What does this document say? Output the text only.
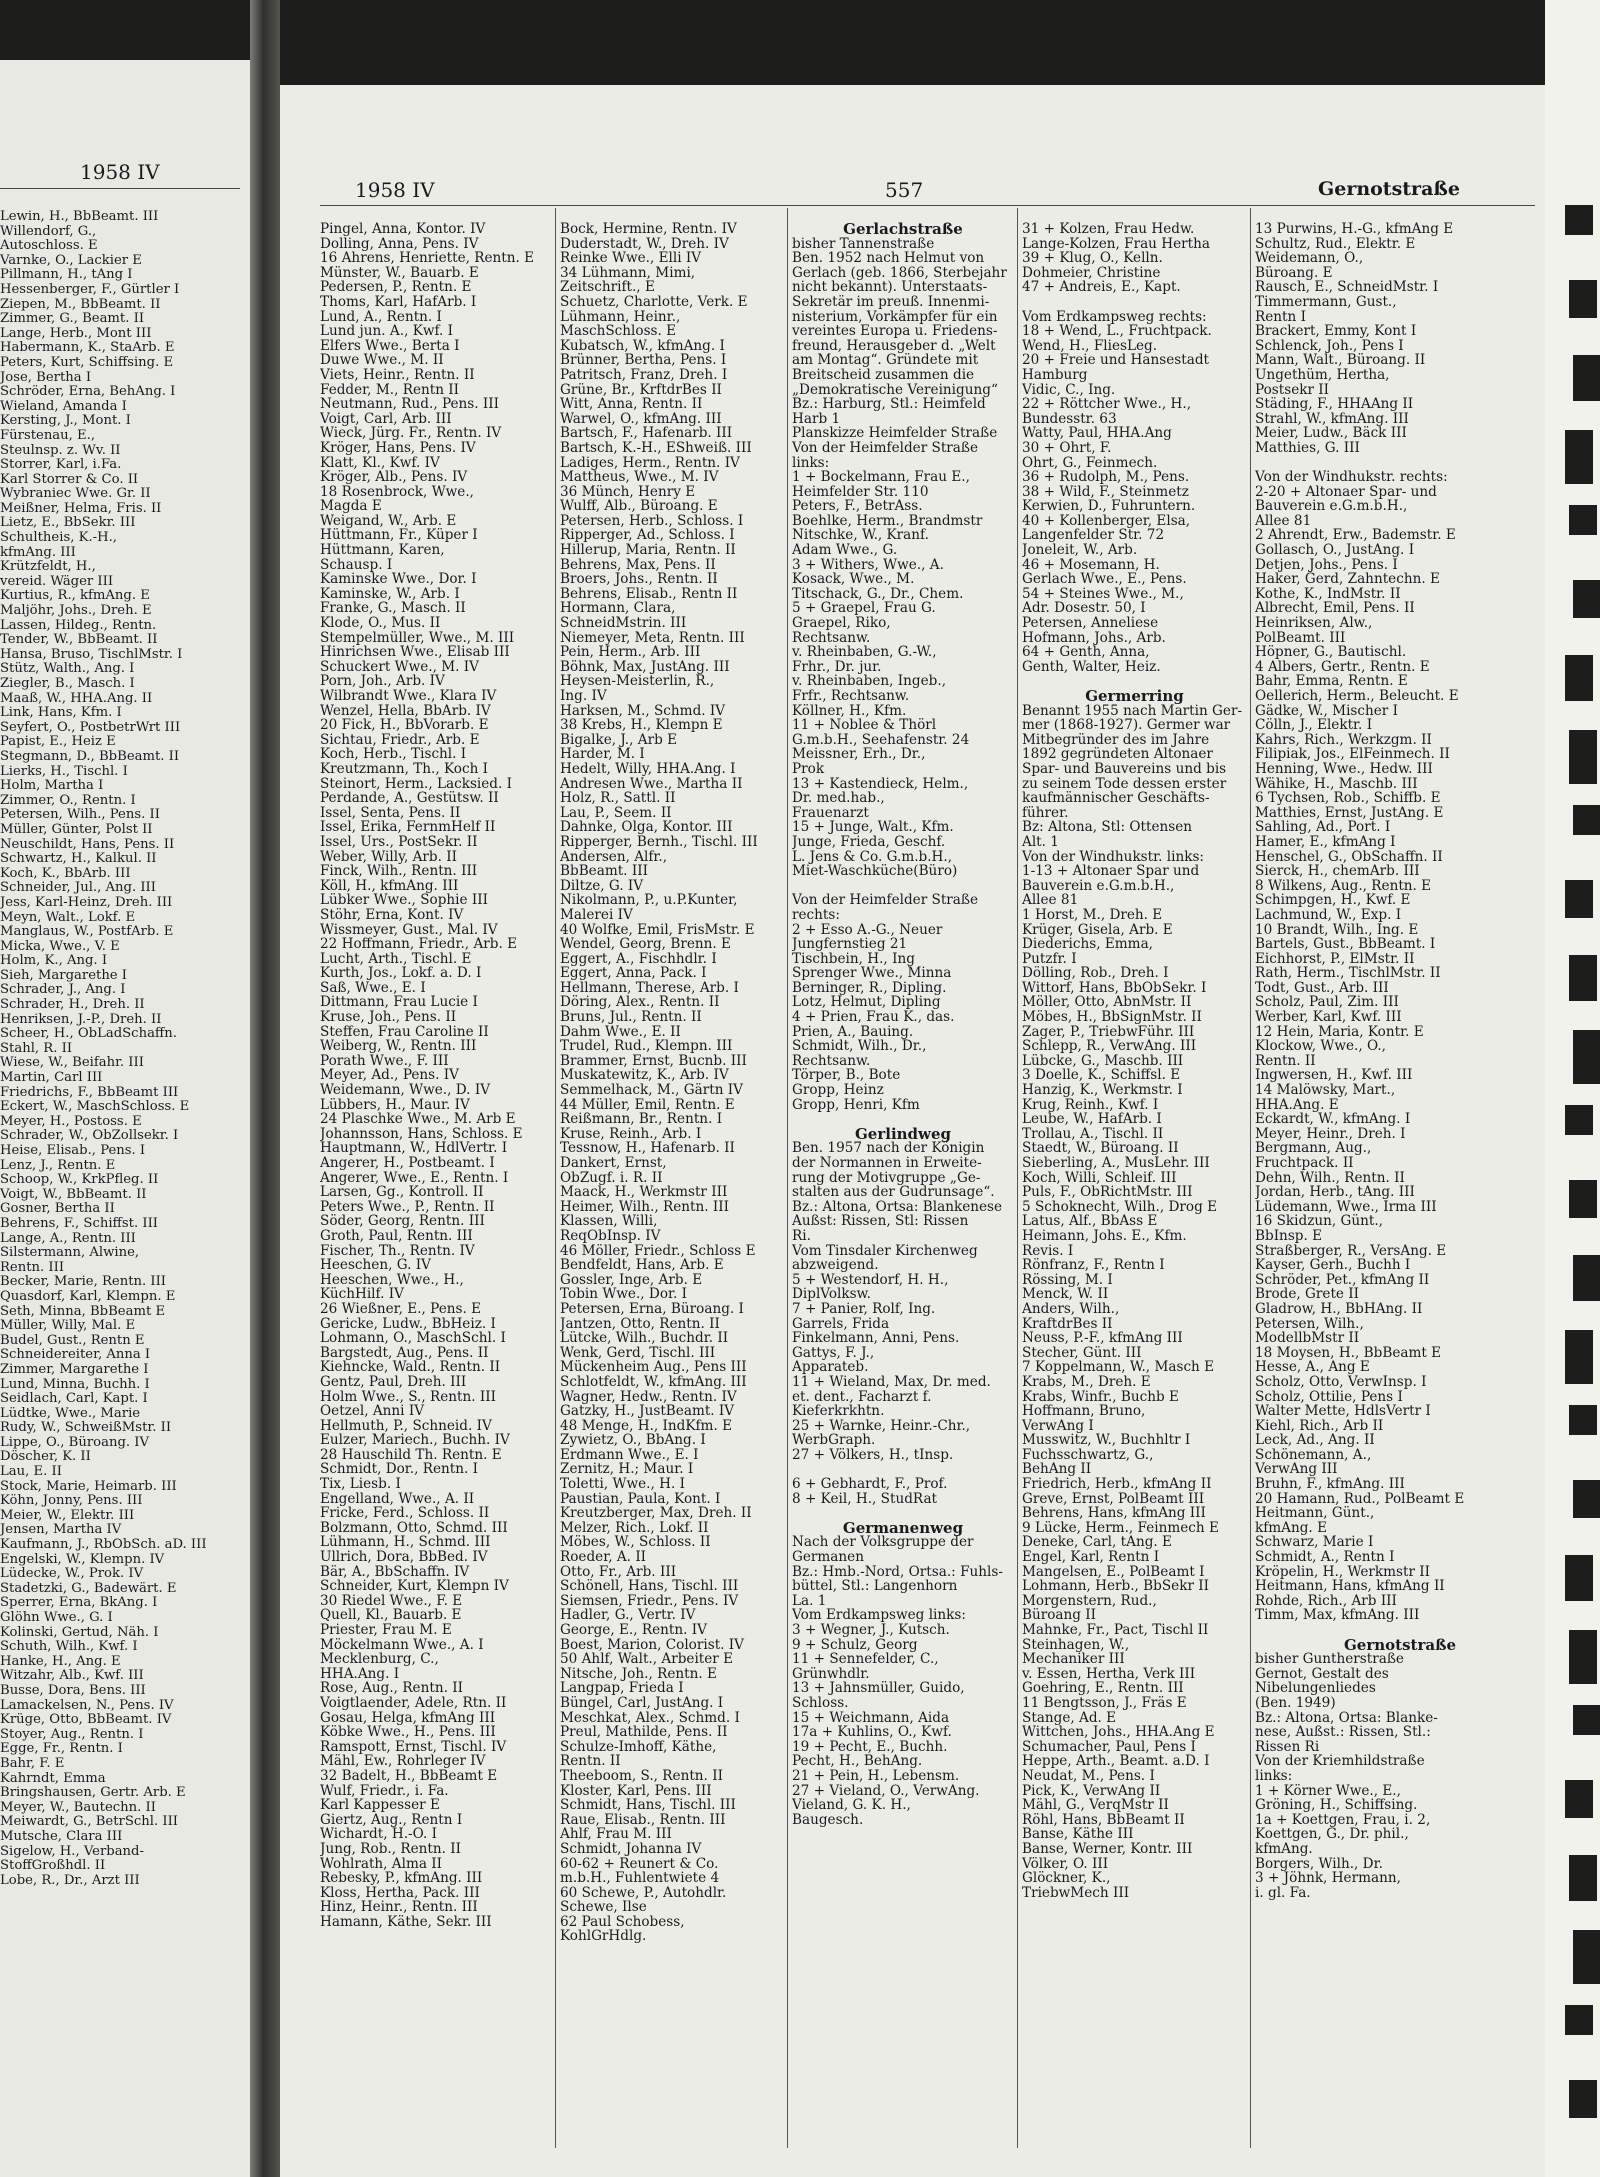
1958 IV
Lewin, H., BbBeamt. III
Willendorf, G.,
Autoschloss. E
Varnke, O., Lackier E
Pillmann, H., tAng I
Hessenberger, F., Gürtler I
Ziepen, M., BbBeamt. II
Zimmer, G., Beamt. II
Lange, Herb., Mont III
Habermann, K., StaArb. E
Peters, Kurt, Schiffsing. E
Jose, Bertha I
Schröder, Erna, BehAng. I
Wieland, Amanda I
Kersting, J., Mont. I
Fürstenau, E.,
Steulnsp. z. Wv. II
Storrer, Karl, i.Fa.
Karl Storrer & Co. II
Wybraniec Wwe. Gr. II
Meißner, Helma, Fris. II
Lietz, E., BbSekr. III
Schultheis, K.-H.,
kfmAng. III
Krützfeldt, H.,
vereid. Wäger III
Kurtius, R., kfmAng. E
Maljöhr, Johs., Dreh. E
Lassen, Hildeg., Rentn.
Tender, W., BbBeamt. II
Hansa, Bruso, TischlMstr. I
Stütz, Walth., Ang. I
Ziegler, B., Masch. I
Maaß, W., HHA.Ang. II
Link, Hans, Kfm. I
Seyfert, O., PostbetrWrt III
Papist, E., Heiz E
Stegmann, D., BbBeamt. II
Lierks, H., Tischl. I
Holm, Martha I
Zimmer, O., Rentn. I
Petersen, Wilh., Pens. II
Müller, Günter, Polst II
Neuschildt, Hans, Pens. II
Schwartz, H., Kalkul. II
Koch, K., BbArb. III
Schneider, Jul., Ang. III
Jess, Karl-Heinz, Dreh. III
Meyn, Walt., Lokf. E
Manglaus, W., PostfArb. E
Micka, Wwe., V. E
Holm, K., Ang. I
Sieh, Margarethe I
Schrader, J., Ang. I
Schrader, H., Dreh. II
Henriksen, J.-P., Dreh. II
Scheer, H., ObLadSchaffn.
Stahl, R. II
Wiese, W., Beifahr. III
Martin, Carl III
Friedrichs, F., BbBeamt III
Eckert, W., MaschSchloss. E
Meyer, H., Postoss. E
Schrader, W., ObZollsekr. I
Heise, Elisab., Pens. I
Lenz, J., Rentn. E
Schoop, W., KrkPfleg. II
Voigt, W., BbBeamt. II
Gosner, Bertha II
Behrens, F., Schiffst. III
Lange, A., Rentn. III
Silstermann, Alwine,
Rentn. III
Becker, Marie, Rentn. III
Quasdorf, Karl, Klempn. E
Seth, Minna, BbBeamt E
Müller, Willy, Mal. E
Budel, Gust., Rentn E
Schneidereiter, Anna I
Zimmer, Margarethe I
Lund, Minna, Buchh. I
Seidlach, Carl, Kapt. I
Lüdtke, Wwe., Marie
Rudy, W., SchweißMstr. II
Lippe, O., Büroang. IV
Döscher, K. II
Lau, E. II
Stock, Marie, Heimarb. III
Köhn, Jonny, Pens. III
Meier, W., Elektr. III
Jensen, Martha IV
Kaufmann, J., RbObSch. aD. III
Engelski, W., Klempn. IV
Lüdecke, W., Prok. IV
Stadetzki, G., Badewärt. E
Sperrer, Erna, BkAng. I
Glöhn Wwe., G. I
Kolinski, Gertud, Näh. I
Schuth, Wilh., Kwf. I
Hanke, H., Ang. E
Witzahr, Alb., Kwf. III
Busse, Dora, Bens. III
Lamackelsen, N., Pens. IV
Krüge, Otto, BbBeamt. IV
Stoyer, Aug., Rentn. I
Egge, Fr., Rentn. I
Bahr, F. E
Kahrndt, Emma
Bringshausen, Gertr. Arb. E
Meyer, W., Bautechn. II
Meiwardt, G., BetrSchl. III
Mutsche, Clara III
Sigelow, H., Verband-
StoffGroßhdl. II
Lobe, R., Dr., Arzt III
1958 IV	557	Gernotstraße
Pingel, Anna, Kontor. IV
Dolling, Anna, Pens. IV
16 Ahrens, Henriette, Rentn. E
Münster, W., Bauarb. E
Pedersen, P., Rentn. E
Thoms, Karl, HafArb. I
Lund, A., Rentn. I
Lund jun. A., Kwf. I
Elfers Wwe., Berta I
Duwe Wwe., M. II
Viets, Heinr., Rentn. II
Fedder, M., Rentn II
Neutmann, Rud., Pens. III
Voigt, Carl, Arb. III
Wieck, Jürg. Fr., Rentn. IV
Kröger, Hans, Pens. IV
Klatt, Kl., Kwf. IV
Kröger, Alb., Pens. IV
18 Rosenbrock, Wwe.,
Magda E
Weigand, W., Arb. E
Hüttmann, Fr., Küper I
Hüttmann, Karen,
Schausp. I
Kaminske Wwe., Dor. I
Kaminske, W., Arb. I
Franke, G., Masch. II
Klode, O., Mus. II
Stempelmüller, Wwe., M. III
Hinrichsen Wwe., Elisab III
Schuckert Wwe., M. IV
Porn, Joh., Arb. IV
Wilbrandt Wwe., Klara IV
Wenzel, Hella, BbArb. IV
20 Fick, H., BbVorarb. E
Sichtau, Friedr., Arb. E
Koch, Herb., Tischl. I
Kreutzmann, Th., Koch I
Steinort, Herm., Lacksied. I
Perdande, A., Gestütsw. II
Issel, Senta, Pens. II
Issel, Erika, FernmHelf II
Issel, Urs., PostSekr. II
Weber, Willy, Arb. II
Finck, Wilh., Rentn. III
Köll, H., kfmAng. III
Lübker Wwe., Sophie III
Stöhr, Erna, Kont. IV
Wissmeyer, Gust., Mal. IV
22 Hoffmann, Friedr., Arb. E
Lucht, Arth., Tischl. E
Kurth, Jos., Lokf. a. D. I
Saß, Wwe., E. I
Dittmann, Frau Lucie I
Kruse, Joh., Pens. II
Steffen, Frau Caroline II
Weiberg, W., Rentn. III
Porath Wwe., F. III
Meyer, Ad., Pens. IV
Weidemann, Wwe., D. IV
Lübbers, H., Maur. IV
24 Plaschke Wwe., M. Arb E
Johannsson, Hans, Schloss. E
Hauptmann, W., HdlVertr. I
Angerer, H., Postbeamt. I
Angerer, Wwe., E., Rentn. I
Larsen, Gg., Kontroll. II
Peters Wwe., P., Rentn. II
Söder, Georg, Rentn. III
Groth, Paul, Rentn. III
Fischer, Th., Rentn. IV
Heeschen, G. IV
Heeschen, Wwe., H.,
KüchHilf. IV
26 Wießner, E., Pens. E
Gericke, Ludw., BbHeiz. I
Lohmann, O., MaschSchl. I
Bargstedt, Aug., Pens. II
Kiehncke, Wald., Rentn. II
Gentz, Paul, Dreh. III
Holm Wwe., S., Rentn. III
Oetzel, Anni IV
Hellmuth, P., Schneid. IV
Eulzer, Mariech., Buchh. IV
28 Hauschild Th. Rentn. E
Schmidt, Dor., Rentn. I
Tix, Liesb. I
Engelland, Wwe., A. II
Fricke, Ferd., Schloss. II
Bolzmann, Otto, Schmd. III
Lühmann, H., Schmd. III
Ullrich, Dora, BbBed. IV
Bär, A., BbSchaffn. IV
Schneider, Kurt, Klempn IV
30 Riedel Wwe., F. E
Quell, Kl., Bauarb. E
Priester, Frau M. E
Möckelmann Wwe., A. I
Mecklenburg, C.,
HHA.Ang. I
Rose, Aug., Rentn. II
Voigtlaender, Adele, Rtn. II
Gosau, Helga, kfmAng III
Köbke Wwe., H., Pens. III
Ramspott, Ernst, Tischl. IV
Mähl, Ew., Rohrleger IV
32 Badelt, H., BbBeamt E
Wulf, Friedr., i. Fa.
Karl Kappesser E
Giertz, Aug., Rentn I
Wichardt, H.-O. I
Jung, Rob., Rentn. II
Wohlrath, Alma II
Rebesky, P., kfmAng. III
Kloss, Hertha, Pack. III
Hinz, Heinr., Rentn. III
Hamann, Käthe, Sekr. III
Bock, Hermine, Rentn. IV
Duderstadt, W., Dreh. IV
Reinke Wwe., Elli IV
34 Lühmann, Mimi,
Zeitschrift., E
Schuetz, Charlotte, Verk. E
Lühmann, Heinr.,
MaschSchloss. E
Kubatsch, W., kfmAng. I
Brünner, Bertha, Pens. I
Patritsch, Franz, Dreh. I
Grüne, Br., KrftdrBes II
Witt, Anna, Rentn. II
Warwel, O., kfmAng. III
Bartsch, F., Hafenarb. III
Bartsch, K.-H., EShweiß. III
Ladiges, Herm., Rentn. IV
Mattheus, Wwe., M. IV
36 Münch, Henry E
Wulff, Alb., Büroang. E
Petersen, Herb., Schloss. I
Ripperger, Ad., Schloss. I
Hillerup, Maria, Rentn. II
Behrens, Max, Pens. II
Broers, Johs., Rentn. II
Behrens, Elisab., Rentn II
Hormann, Clara,
SchneidMstrin. III
Niemeyer, Meta, Rentn. III
Pein, Herm., Arb. III
Böhnk, Max, JustAng. III
Heysen-Meisterlin, R.,
Ing. IV
Harksen, M., Schmd. IV
38 Krebs, H., Klempn E
Bigalke, J., Arb E
Harder, M. I
Hedelt, Willy, HHA.Ang. I
Andresen Wwe., Martha II
Holz, R., Sattl. II
Lau, P., Seem. II
Dahnke, Olga, Kontor. III
Ripperger, Bernh., Tischl. III
Andersen, Alfr.,
BbBeamt. III
Diltze, G. IV
Nikolmann, P., u.P.Kunter,
Malerei IV
40 Wolfke, Emil, FrisMstr. E
Wendel, Georg, Brenn. E
Eggert, A., Fischhdlr. I
Eggert, Anna, Pack. I
Hellmann, Therese, Arb. I
Döring, Alex., Rentn. II
Bruns, Jul., Rentn. II
Dahm Wwe., E. II
Trudel, Rud., Klempn. III
Brammer, Ernst, Bucnb. III
Muskatewitz, K., Arb. IV
Semmelhack, M., Gärtn IV
44 Müller, Emil, Rentn. E
Reißmann, Br., Rentn. I
Kruse, Reinh., Arb. I
Tessnow, H., Hafenarb. II
Dankert, Ernst,
ObZugf. i. R. II
Maack, H., Werkmstr III
Heimer, Wilh., Rentn. III
Klassen, Willi,
ReqObInsp. IV
46 Möller, Friedr., Schloss E
Bendfeldt, Hans, Arb. E
Gossler, Inge, Arb. E
Tobin Wwe., Dor. I
Petersen, Erna, Büroang. I
Jantzen, Otto, Rentn. II
Lütcke, Wilh., Buchdr. II
Wenk, Gerd, Tischl. III
Mückenheim Aug., Pens III
Schlotfeldt, W., kfmAng. III
Wagner, Hedw., Rentn. IV
Gatzky, H., JustBeamt. IV
48 Menge, H., IndKfm. E
Zywietz, O., BbAng. I
Erdmann Wwe., E. I
Zernitz, H.; Maur. I
Toletti, Wwe., H. I
Paustian, Paula, Kont. I
Kreutzberger, Max, Dreh. II
Melzer, Rich., Lokf. II
Möbes, W., Schloss. II
Roeder, A. II
Otto, Fr., Arb. III
Schönell, Hans, Tischl. III
Siemsen, Friedr., Pens. IV
Hadler, G., Vertr. IV
George, E., Rentn. IV
Boest, Marion, Colorist. IV
50 Ahlf, Walt., Arbeiter E
Nitsche, Joh., Rentn. E
Langpap, Frieda I
Büngel, Carl, JustAng. I
Meschkat, Alex., Schmd. I
Preul, Mathilde, Pens. II
Schulze-Imhoff, Käthe,
Rentn. II
Theeboom, S., Rentn. II
Kloster, Karl, Pens. III
Schmidt, Hans, Tischl. III
Raue, Elisab., Rentn. III
Ahlf, Frau M. III
Schmidt, Johanna IV
60-62 + Reunert & Co.
m.b.H., Fuhlentwiete 4
60 Schewe, P., Autohdlr.
Schewe, Ilse
62 Paul Schobess,
KohlGrHdlg.
Gerlachstraße
bisher Tannenstraße
Ben. 1952 nach Helmut von
Gerlach (geb. 1866, Sterbejahr
nicht bekannt). Unterstaats-
Sekretär im preuß. Innenmi-
nisterium, Vorkämpfer für ein
vereintes Europa u. Friedens-
freund, Herausgeber d. „Welt
am Montag“. Gründete mit
Breitscheid zusammen die
„Demokratische Vereinigung“
Bz.: Harburg, Stl.: Heimfeld
Harb 1
Planskizze Heimfelder Straße
Von der Heimfelder Straße
links:
1 + Bockelmann, Frau E.,
Heimfelder Str. 110
Peters, F., BetrAss.
Boehlke, Herm., Brandmstr
Nitschke, W., Kranf.
Adam Wwe., G.
3 + Withers, Wwe., A.
Kosack, Wwe., M.
Titschack, G., Dr., Chem.
5 + Graepel, Frau G.
Graepel, Riko,
Rechtsanw.
v. Rheinbaben, G.-W.,
Frhr., Dr. jur.
v. Rheinbaben, Ingeb.,
Frfr., Rechtsanw.
Köllner, H., Kfm.
11 + Noblee & Thörl
G.m.b.H., Seehafenstr. 24
Meissner, Erh., Dr.,
Prok
13 + Kastendieck, Helm.,
Dr. med.hab.,
Frauenarzt
15 + Junge, Walt., Kfm.
Junge, Frieda, Geschf.
L. Jens & Co. G.m.b.H.,
Miet-Waschküche(Büro)
Von der Heimfelder Straße
rechts:
2 + Esso A.-G., Neuer
Jungfernstieg 21
Tischbein, H., Ing
Sprenger Wwe., Minna
Berninger, R., Dipling.
Lotz, Helmut, Dipling
4 + Prien, Frau K., das.
Prien, A., Bauing.
Schmidt, Wilh., Dr.,
Rechtsanw.
Törper, B., Bote
Gropp, Heinz
Gropp, Henri, Kfm
Gerlindweg
Ben. 1957 nach der Königin
der Normannen in Erweite-
rung der Motivgruppe „Ge-
stalten aus der Gudrunsage“.
Bz.: Altona, Ortsa: Blankenese
Außst: Rissen, Stl: Rissen
Ri.
Vom Tinsdaler Kirchenweg
abzweigend.
5 + Westendorf, H. H.,
DiplVolksw.
7 + Panier, Rolf, Ing.
Garrels, Frida
Finkelmann, Anni, Pens.
Gattys, F. J.,
Apparateb.
11 + Wieland, Max, Dr. med.
et. dent., Facharzt f.
Kieferkrkhtn.
25 + Warnke, Heinr.-Chr.,
WerbGraph.
27 + Völkers, H., tInsp.
6 + Gebhardt, F., Prof.
8 + Keil, H., StudRat
Germanenweg
Nach der Volksgruppe der
Germanen
Bz.: Hmb.-Nord, Ortsa.: Fuhls-
büttel, Stl.: Langenhorn
La. 1
Vom Erdkampsweg links:
3 + Wegner, J., Kutsch.
9 + Schulz, Georg
11 + Sennefelder, C.,
Grünwhdlr.
13 + Jahnsmüller, Guido,
Schloss.
15 + Weichmann, Aida
17a + Kuhlins, O., Kwf.
19 + Pecht, E., Buchh.
Pecht, H., BehAng.
21 + Pein, H., Lebensm.
27 + Vieland, O., VerwAng.
Vieland, G. K. H.,
Baugesch.
31 + Kolzen, Frau Hedw.
Lange-Kolzen, Frau Hertha
39 + Klug, O., Kelln.
Dohmeier, Christine
47 + Andreis, E., Kapt.
Vom Erdkampsweg rechts:
18 + Wend, L., Fruchtpack.
Wend, H., FliesLeg.
20 + Freie und Hansestadt
Hamburg
Vidic, C., Ing.
22 + Röttcher Wwe., H.,
Bundesstr. 63
Watty, Paul, HHA.Ang
30 + Ohrt, F.
Ohrt, G., Feinmech.
36 + Rudolph, M., Pens.
38 + Wild, F., Steinmetz
Kerwien, D., Fuhruntern.
40 + Kollenberger, Elsa,
Langenfelder Str. 72
Joneleit, W., Arb.
46 + Mosemann, H.
Gerlach Wwe., E., Pens.
54 + Steines Wwe., M.,
Adr. Dosestr. 50, I
Petersen, Anneliese
Hofmann, Johs., Arb.
64 + Genth, Anna,
Genth, Walter, Heiz.
Germerring
Benannt 1955 nach Martin Ger-
mer (1868-1927). Germer war
Mitbegründer des im Jahre
1892 gegründeten Altonaer
Spar- und Bauvereins und bis
zu seinem Tode dessen erster
kaufmännischer Geschäfts-
führer.
Bz: Altona, Stl: Ottensen
Alt. 1
Von der Windhukstr. links:
1-13 + Altonaer Spar und
Bauverein e.G.m.b.H.,
Allee 81
1 Horst, M., Dreh. E
Krüger, Gisela, Arb. E
Diederichs, Emma,
Putzfr. I
Dölling, Rob., Dreh. I
Wittorf, Hans, BbObSekr. I
Möller, Otto, AbnMstr. II
Möbes, H., BbSignMstr. II
Zager, P., TriebwFühr. III
Schlepp, R., VerwAng. III
Lübcke, G., Maschb. III
3 Doelle, K., Schiffsl. E
Hanzig, K., Werkmstr. I
Krug, Reinh., Kwf. I
Leube, W., HafArb. I
Trollau, A., Tischl. II
Staedt, W., Büroang. II
Sieberling, A., MusLehr. III
Koch, Willi, Schleif. III
Puls, F., ObRichtMstr. III
5 Schoknecht, Wilh., Drog E
Latus, Alf., BbAss E
Heimann, Johs. E., Kfm.
Revis. I
Rönfranz, F., Rentn I
Rössing, M. I
Menck, W. II
Anders, Wilh.,
KraftdrBes II
Neuss, P.-F., kfmAng III
Stecher, Günt. III
7 Koppelmann, W., Masch E
Krabs, M., Dreh. E
Krabs, Winfr., Buchb E
Hoffmann, Bruno,
VerwAng I
Musswitz, W., Buchhltr I
Fuchsschwartz, G.,
BehAng II
Friedrich, Herb., kfmAng II
Greve, Ernst, PolBeamt III
Behrens, Hans, kfmAng III
9 Lücke, Herm., Feinmech E
Deneke, Carl, tAng. E
Engel, Karl, Rentn I
Mangelsen, E., PolBeamt I
Lohmann, Herb., BbSekr II
Morgenstern, Rud.,
Büroang II
Mahnke, Fr., Pact, Tischl II
Steinhagen, W.,
Mechaniker III
v. Essen, Hertha, Verk III
Goehring, E., Rentn. III
11 Bengtsson, J., Fräs E
Stange, Ad. E
Wittchen, Johs., HHA.Ang E
Schumacher, Paul, Pens I
Heppe, Arth., Beamt. a.D. I
Neudat, M., Pens. I
Pick, K., VerwAng II
Mähl, G., VerqMstr II
Röhl, Hans, BbBeamt II
Banse, Käthe III
Banse, Werner, Kontr. III
Völker, O. III
Glöckner, K.,
TriebwMech III
13 Purwins, H.-G., kfmAng E
Schultz, Rud., Elektr. E
Weidemann, O.,
Büroang. E
Rausch, E., SchneidMstr. I
Timmermann, Gust.,
Rentn I
Brackert, Emmy, Kont I
Schlenck, Joh., Pens I
Mann, Walt., Büroang. II
Ungethüm, Hertha,
Postsekr II
Städing, F., HHAAng II
Strahl, W., kfmAng. III
Meier, Ludw., Bäck III
Matthies, G. III
Von der Windhukstr. rechts:
2-20 + Altonaer Spar- und
Bauverein e.G.m.b.H.,
Allee 81
2 Ahrendt, Erw., Bademstr. E
Gollasch, O., JustAng. I
Detjen, Johs., Pens. I
Haker, Gerd, Zahntechn. E
Kothe, K., IndMstr. II
Albrecht, Emil, Pens. II
Heinriksen, Alw.,
PolBeamt. III
Höpner, G., Bautischl.
4 Albers, Gertr., Rentn. E
Bahr, Emma, Rentn. E
Oellerich, Herm., Beleucht. E
Gädke, W., Mischer I
Cölln, J., Elektr. I
Kahrs, Rich., Werkzgm. II
Filipiak, Jos., ElFeinmech. II
Henning, Wwe., Hedw. III
Wähike, H., Maschb. III
6 Tychsen, Rob., Schiffb. E
Matthies, Ernst, JustAng. E
Sahling, Ad., Port. I
Hamer, E., kfmAng I
Henschel, G., ObSchaffn. II
Sierck, H., chemArb. III
8 Wilkens, Aug., Rentn. E
Schimpgen, H., Kwf. E
Lachmund, W., Exp. I
10 Brandt, Wilh., Ing. E
Bartels, Gust., BbBeamt. I
Eichhorst, P., ElMstr. II
Rath, Herm., TischlMstr. II
Todt, Gust., Arb. III
Scholz, Paul, Zim. III
Werber, Karl, Kwf. III
12 Hein, Maria, Kontr. E
Klockow, Wwe., O.,
Rentn. II
Ingwersen, H., Kwf. III
14 Malöwsky, Mart.,
HHA.Ang. E
Eckardt, W., kfmAng. I
Meyer, Heinr., Dreh. I
Bergmann, Aug.,
Fruchtpack. II
Dehn, Wilh., Rentn. II
Jordan, Herb., tAng. III
Lüdemann, Wwe., Irma III
16 Skidzun, Günt.,
BbInsp. E
Straßberger, R., VersAng. E
Kayser, Gerh., Buchh I
Schröder, Pet., kfmAng II
Brode, Grete II
Gladrow, H., BbHAng. II
Petersen, Wilh.,
ModellbMstr II
18 Moysen, H., BbBeamt E
Hesse, A., Ang E
Scholz, Otto, VerwInsp. I
Scholz, Ottilie, Pens I
Walter Mette, HdlsVertr I
Kiehl, Rich., Arb II
Leck, Ad., Ang. II
Schönemann, A.,
VerwAng III
Bruhn, F., kfmAng. III
20 Hamann, Rud., PolBeamt E
Heitmann, Günt.,
kfmAng. E
Schwarz, Marie I
Schmidt, A., Rentn I
Kröpelin, H., Werkmstr II
Heitmann, Hans, kfmAng II
Rohde, Rich., Arb III
Timm, Max, kfmAng. III
Gernotstraße
bisher Guntherstraße
Gernot, Gestalt des
Nibelungenliedes
(Ben. 1949)
Bz.: Altona, Ortsa: Blanke-
nese, Außst.: Rissen, Stl.:
Rissen Ri
Von der Kriemhildstraße
links:
1 + Körner Wwe., E.,
Gröning, H., Schiffsing.
1a + Koettgen, Frau, i. 2,
Koettgen, G., Dr. phil.,
kfmAng.
Borgers, Wilh., Dr.
3 + Jöhnk, Hermann,
i. gl. Fa.
